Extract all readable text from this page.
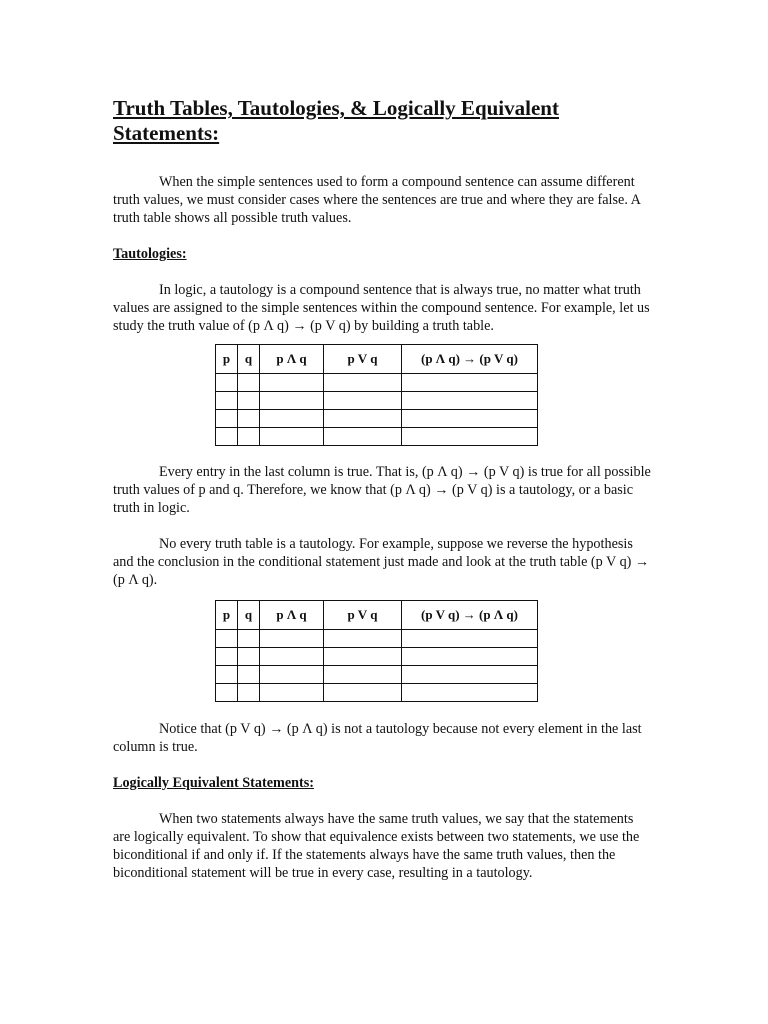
Truth Tables, Tautologies, & Logically Equivalent Statements:

When the simple sentences used to form a compound sentence can assume different truth values, we must consider cases where the sentences are true and where they are false. A truth table shows all possible truth values.

Tautologies:

In logic, a tautology is a compound sentence that is always true, no matter what truth values are assigned to the simple sentences within the compound sentence. For example, let us study the truth value of (p Λ q) → (p V q) by building a truth table.

p	q	p Λ q	p V q	(p Λ q) → (p V q)

Every entry in the last column is true. That is, (p Λ q) → (p V q) is true for all possible truth values of p and q. Therefore, we know that (p Λ q) → (p V q) is a tautology, or a basic truth in logic.

No every truth table is a tautology. For example, suppose we reverse the hypothesis and the conclusion in the conditional statement just made and look at the truth table (p V q) → (p Λ q).

p	q	p Λ q	p V q	(p V q) → (p Λ q)

Notice that (p V q) → (p Λ q) is not a tautology because not every element in the last column is true.

Logically Equivalent Statements:

When two statements always have the same truth values, we say that the statements are logically equivalent. To show that equivalence exists between two statements, we use the biconditional if and only if. If the statements always have the same truth values, then the biconditional statement will be true in every case, resulting in a tautology.
